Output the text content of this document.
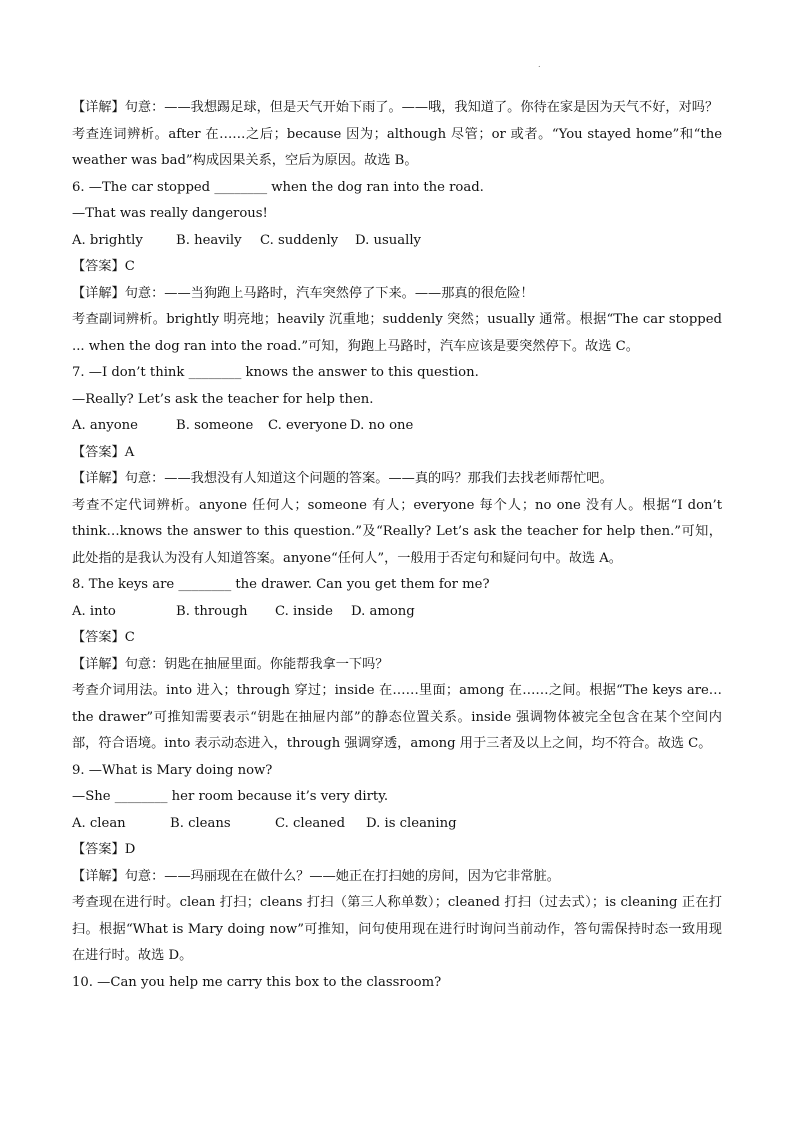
.
【详解】句意：——我想踢足球，但是天气开始下雨了。——哦，我知道了。你待在家是因为天气不好，对吗？
考查连词辨析。after 在……之后；because 因为；although 尽管；or 或者。“You stayed home”和“the weather was bad”构成因果关系，空后为原因。故选 B。
6. —The car stopped ________ when the dog ran into the road.
—That was really dangerous!
A. brightly	B. heavily	C. suddenly	D. usually
【答案】C
【详解】句意：——当狗跑上马路时，汽车突然停了下来。——那真的很危险！
考查副词辨析。brightly 明亮地；heavily 沉重地；suddenly 突然；usually 通常。根据“The car stopped ... when the dog ran into the road.”可知，狗跑上马路时，汽车应该是要突然停下。故选 C。
7. —I don’t think ________ knows the answer to this question.
—Really? Let’s ask the teacher for help then.
A. anyone	B. someone	C. everyone D. no one
【答案】A
【详解】句意：——我想没有人知道这个问题的答案。——真的吗？那我们去找老师帮忙吧。
考查不定代词辨析。anyone 任何人；someone 有人；everyone 每个人；no one 没有人。根据“I don’t think…knows the answer to this question.”及“Really? Let’s ask the teacher for help then.”可知，此处指的是我认为没有人知道答案。anyone“任何人”，一般用于否定句和疑问句中。故选 A。
8. The keys are ________ the drawer. Can you get them for me?
A. into	B. through	C. inside	D. among
【答案】C
【详解】句意：钥匙在抽屉里面。你能帮我拿一下吗？
考查介词用法。into 进入；through 穿过；inside 在……里面；among 在……之间。根据“The keys are…the drawer”可推知需要表示“钥匙在抽屉内部”的静态位置关系。inside 强调物体被完全包含在某个空间内部，符合语境。into 表示动态进入，through 强调穿透，among 用于三者及以上之间，均不符合。故选 C。
9. —What is Mary doing now?
—She ________ her room because it’s very dirty.
A. clean	B. cleans	C. cleaned	D. is cleaning
【答案】D
【详解】句意：——玛丽现在在做什么？——她正在打扫她的房间，因为它非常脏。
考查现在进行时。clean 打扫；cleans 打扫（第三人称单数）；cleaned 打扫（过去式）；is cleaning 正在打扫。根据“What is Mary doing now”可推知，问句使用现在进行时询问当前动作，答句需保持时态一致用现在进行时。故选 D。
10. —Can you help me carry this box to the classroom?
